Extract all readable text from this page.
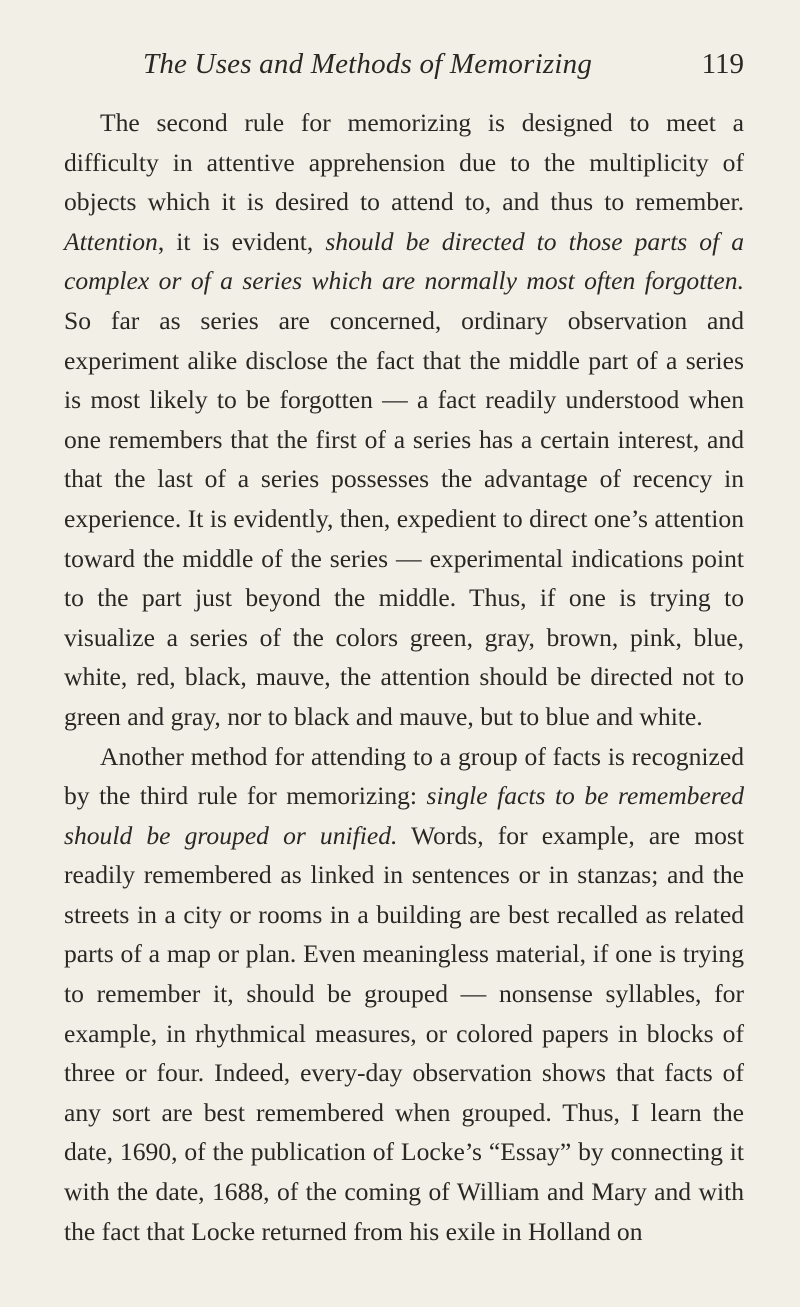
The Uses and Methods of Memorizing	119

The second rule for memorizing is designed to meet a difficulty in attentive apprehension due to the multiplicity of objects which it is desired to attend to, and thus to remember. Attention, it is evident, should be directed to those parts of a complex or of a series which are normally most often forgotten. So far as series are concerned, ordinary observation and experiment alike disclose the fact that the middle part of a series is most likely to be forgotten — a fact readily understood when one remembers that the first of a series has a certain interest, and that the last of a series possesses the advantage of recency in experience. It is evidently, then, expedient to direct one’s attention toward the middle of the series — experimental indications point to the part just beyond the middle. Thus, if one is trying to visualize a series of the colors green, gray, brown, pink, blue, white, red, black, mauve, the attention should be directed not to green and gray, nor to black and mauve, but to blue and white.

Another method for attending to a group of facts is recognized by the third rule for memorizing: single facts to be remembered should be grouped or unified. Words, for example, are most readily remembered as linked in sentences or in stanzas; and the streets in a city or rooms in a building are best recalled as related parts of a map or plan. Even meaningless material, if one is trying to remember it, should be grouped — nonsense syllables, for example, in rhythmical measures, or colored papers in blocks of three or four. Indeed, every-day observation shows that facts of any sort are best remembered when grouped. Thus, I learn the date, 1690, of the publication of Locke’s “Essay” by connecting it with the date, 1688, of the coming of William and Mary and with the fact that Locke returned from his exile in Holland on
